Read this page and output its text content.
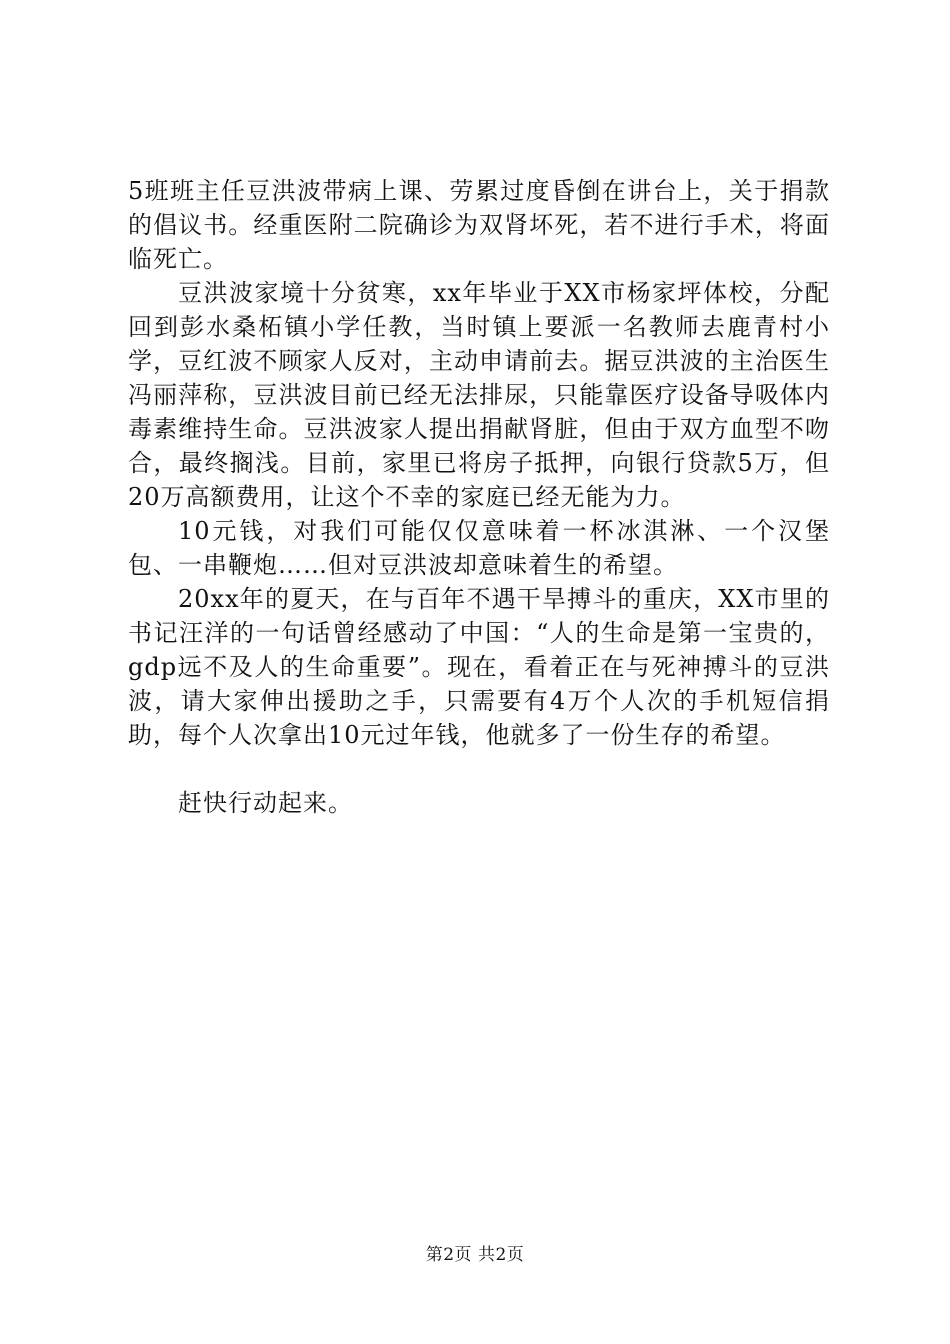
5班班主任豆洪波带病上课、劳累过度昏倒在讲台上，关于捐款的倡议书。经重医附二院确诊为双肾坏死，若不进行手术，将面临死亡。

豆洪波家境十分贫寒，xx年毕业于XX市杨家坪体校，分配回到彭水桑柘镇小学任教，当时镇上要派一名教师去鹿青村小学，豆红波不顾家人反对，主动申请前去。据豆洪波的主治医生冯丽萍称，豆洪波目前已经无法排尿，只能靠医疗设备导吸体内毒素维持生命。豆洪波家人提出捐献肾脏，但由于双方血型不吻合，最终搁浅。目前，家里已将房子抵押，向银行贷款5万，但20万高额费用，让这个不幸的家庭已经无能为力。

10元钱，对我们可能仅仅意味着一杯冰淇淋、一个汉堡包、一串鞭炮……但对豆洪波却意味着生的希望。

20xx年的夏天，在与百年不遇干旱搏斗的重庆，XX市里的书记汪洋的一句话曾经感动了中国：“人的生命是第一宝贵的，gdp远不及人的生命重要”。现在，看着正在与死神搏斗的豆洪波，请大家伸出援助之手，只需要有4万个人次的手机短信捐助，每个人次拿出10元过年钱，他就多了一份生存的希望。

赶快行动起来。

第2页 共2页
